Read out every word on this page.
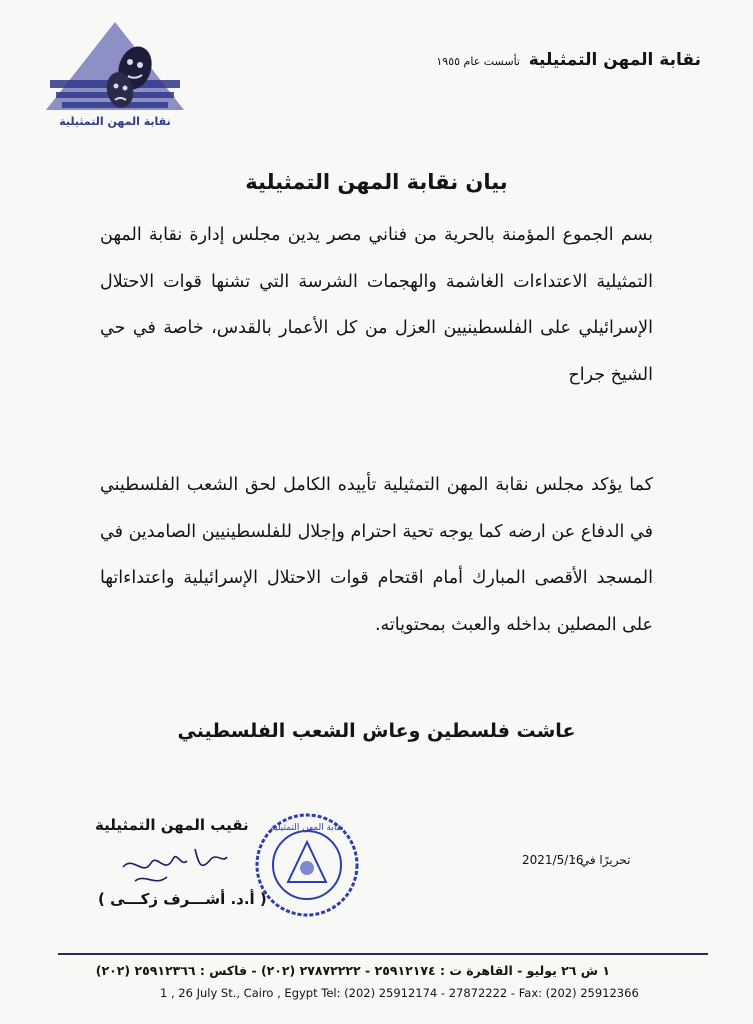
نقابة المهن التمثيلية
نقابة المهن التمثيلية
تأسست عام ١٩٥٥
بيان نقابة المهن التمثيلية
بسم الجموع المؤمنة بالحرية من فناني مصر يدين مجلس إدارة نقابة المهن التمثيلية الاعتداءات الغاشمة والهجمات الشرسة التي تشنها قوات الاحتلال الإسرائيلي على الفلسطينيين العزل من كل الأعمار بالقدس، خاصة في حي الشيخ جراح
كما يؤكد مجلس نقابة المهن التمثيلية تأييده الكامل لحق الشعب الفلسطيني في الدفاع عن ارضه كما يوجه تحية احترام وإجلال للفلسطينيين الصامدين في المسجد الأقصى المبارك أمام اقتحام قوات الاحتلال الإسرائيلية واعتداءاتها على المصلين بداخله والعبث بمحتوياته.
عاشت فلسطين وعاش الشعب الفلسطيني
نقيب المهن التمثيلية
( أ.د. أشـــرف زكـــى )
نقابة المهن التمثيلية
تحريرًا في :
2021/5/16
١ ش ٢٦ يوليو - القاهرة ت : ٢٥٩١٢١٧٤ - ٢٧٨٧٢٢٢٢ (٢٠٢) - فاكس : ٢٥٩١٢٣٦٦ (٢٠٢)
1 , 26 July St., Cairo , Egypt Tel: (202) 25912174 - 27872222 - Fax: (202) 25912366
